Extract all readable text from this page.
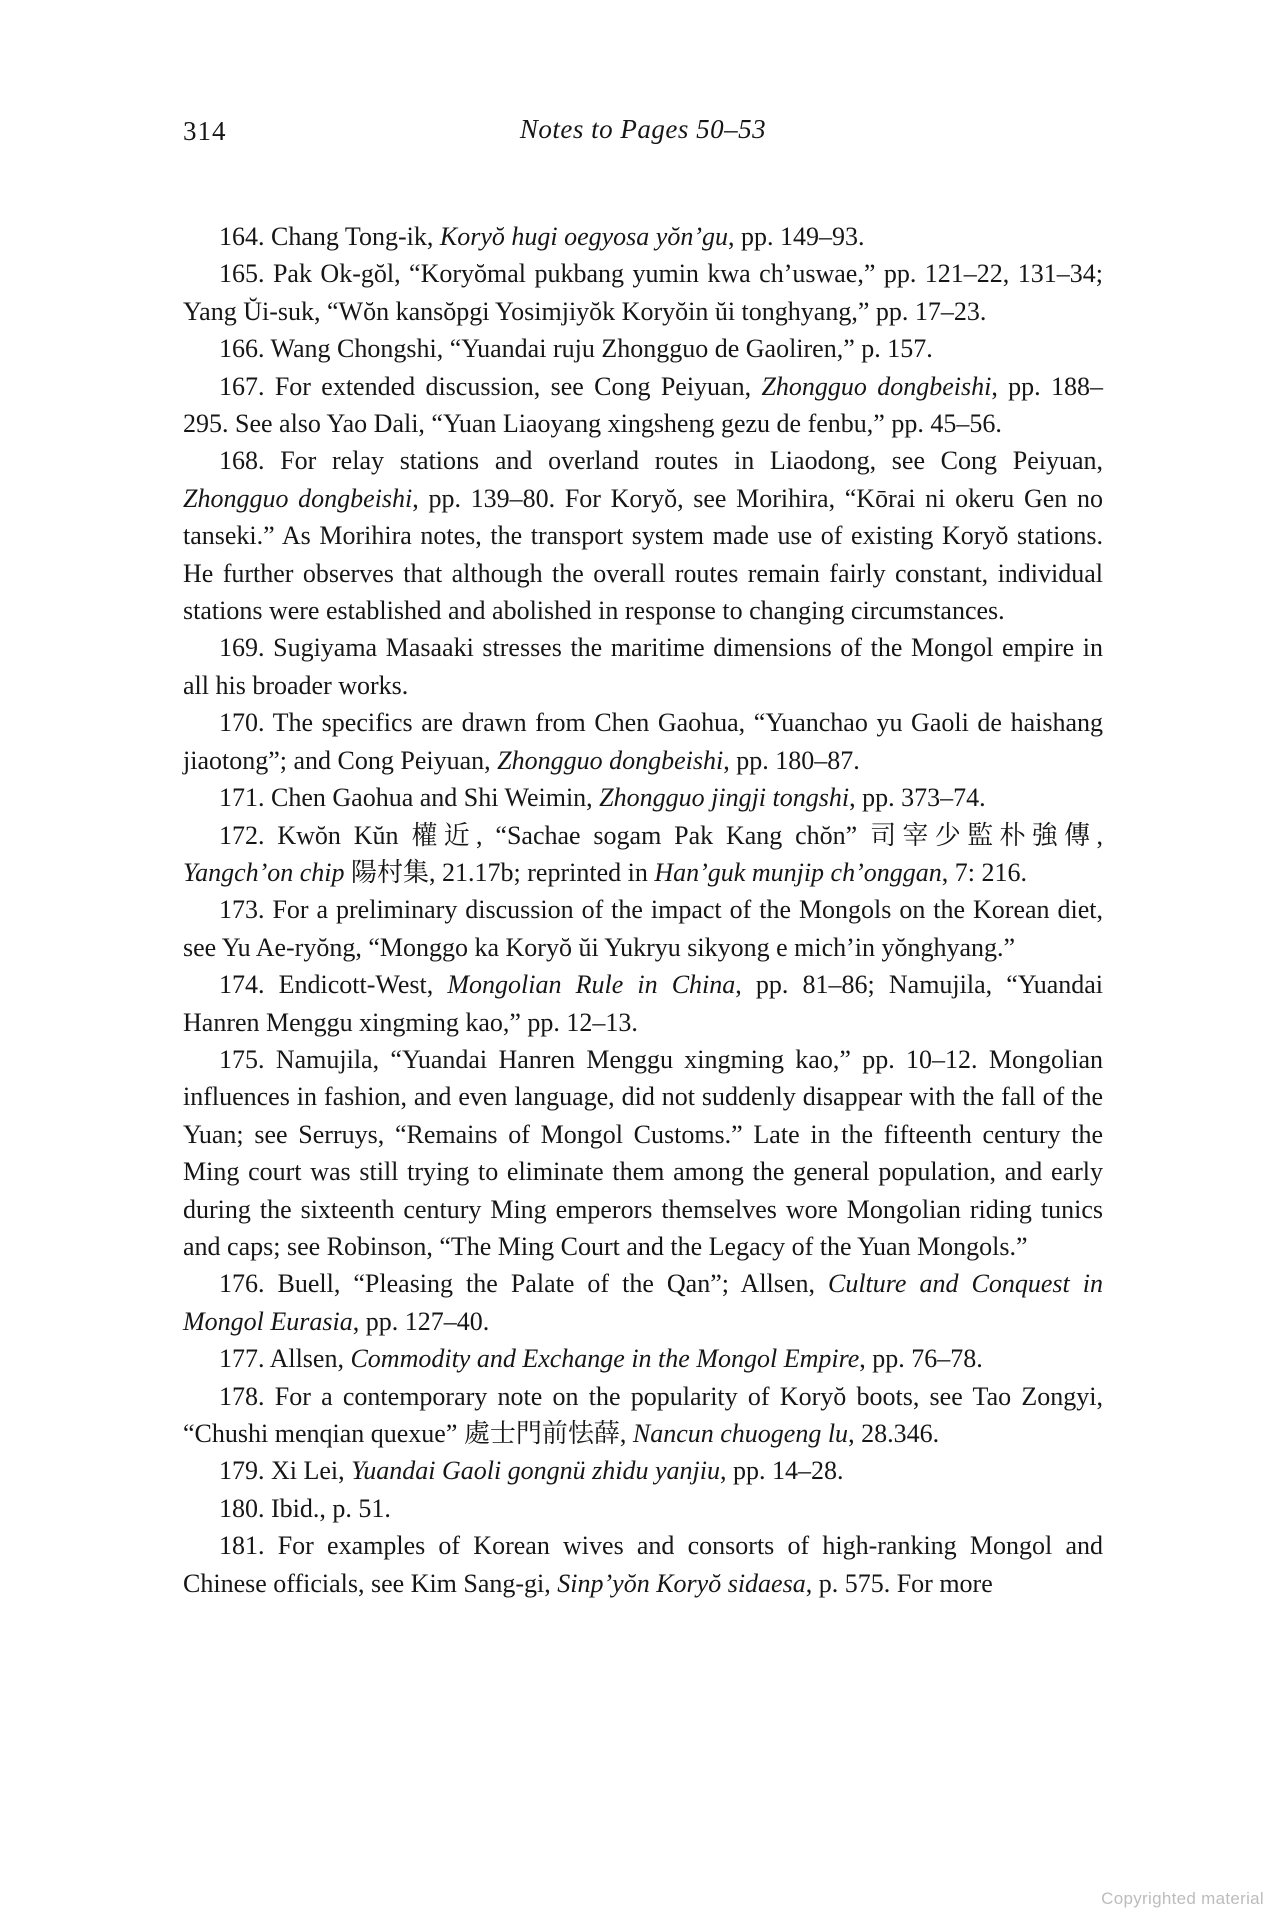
314	Notes to Pages 50–53

164. Chang Tong-ik, Koryŏ hugi oegyosa yŏn’gu, pp. 149–93.

165. Pak Ok-gŏl, “Koryŏmal pukbang yumin kwa ch’uswae,” pp. 121–22, 131–34; Yang Ŭi-suk, “Wŏn kansŏpgi Yosimjiyŏk Koryŏin ŭi tonghyang,” pp. 17–23.

166. Wang Chongshi, “Yuandai ruju Zhongguo de Gaoliren,” p. 157.

167. For extended discussion, see Cong Peiyuan, Zhongguo dongbeishi, pp. 188–295. See also Yao Dali, “Yuan Liaoyang xingsheng gezu de fenbu,” pp. 45–56.

168. For relay stations and overland routes in Liaodong, see Cong Peiyuan, Zhongguo dongbeishi, pp. 139–80. For Koryŏ, see Morihira, “Kōrai ni okeru Gen no tanseki.” As Morihira notes, the transport system made use of existing Koryŏ stations. He further observes that although the overall routes remain fairly constant, individual stations were established and abolished in response to changing circumstances.

169. Sugiyama Masaaki stresses the maritime dimensions of the Mongol empire in all his broader works.

170. The specifics are drawn from Chen Gaohua, “Yuanchao yu Gaoli de haishang jiaotong”; and Cong Peiyuan, Zhongguo dongbeishi, pp. 180–87.

171. Chen Gaohua and Shi Weimin, Zhongguo jingji tongshi, pp. 373–74.

172. Kwŏn Kŭn 權近, “Sachae sogam Pak Kang chŏn” 司宰少監朴強傳, Yangch’on chip 陽村集, 21.17b; reprinted in Han’guk munjip ch’onggan, 7: 216.

173. For a preliminary discussion of the impact of the Mongols on the Korean diet, see Yu Ae-ryŏng, “Monggo ka Koryŏ ŭi Yukryu sikyong e mich’in yŏnghyang.”

174. Endicott-West, Mongolian Rule in China, pp. 81–86; Namujila, “Yuandai Hanren Menggu xingming kao,” pp. 12–13.

175. Namujila, “Yuandai Hanren Menggu xingming kao,” pp. 10–12. Mongolian influences in fashion, and even language, did not suddenly disappear with the fall of the Yuan; see Serruys, “Remains of Mongol Customs.” Late in the fifteenth century the Ming court was still trying to eliminate them among the general population, and early during the sixteenth century Ming emperors themselves wore Mongolian riding tunics and caps; see Robinson, “The Ming Court and the Legacy of the Yuan Mongols.”

176. Buell, “Pleasing the Palate of the Qan”; Allsen, Culture and Conquest in Mongol Eurasia, pp. 127–40.

177. Allsen, Commodity and Exchange in the Mongol Empire, pp. 76–78.

178. For a contemporary note on the popularity of Koryŏ boots, see Tao Zongyi, “Chushi menqian quexue” 處士門前怯薛, Nancun chuogeng lu, 28.346.

179. Xi Lei, Yuandai Gaoli gongnü zhidu yanjiu, pp. 14–28.

180. Ibid., p. 51.

181. For examples of Korean wives and consorts of high-ranking Mongol and Chinese officials, see Kim Sang-gi, Sinp’yŏn Koryŏ sidaesa, p. 575. For more

Copyrighted material
